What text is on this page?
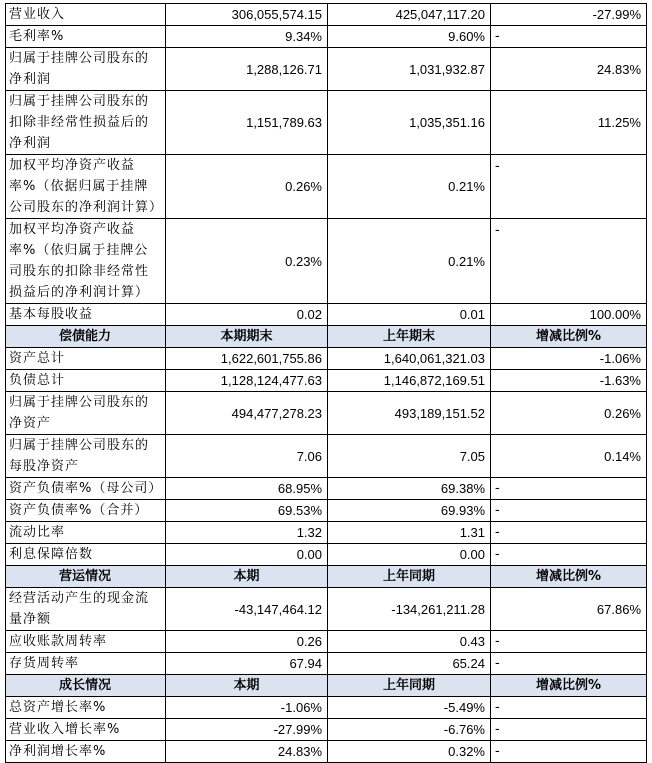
营业收入	306,055,574.15	425,047,117.20	-27.99%
毛利率%	9.34%	9.60%	-
归属于挂牌公司股东的净利润	1,288,126.71	1,031,932.87	24.83%
归属于挂牌公司股东的扣除非经常性损益后的净利润	1,151,789.63	1,035,351.16	11.25%
加权平均净资产收益率%（依据归属于挂牌公司股东的净利润计算）	0.26%	0.21%	-
加权平均净资产收益率%（依归属于挂牌公司股东的扣除非经常性损益后的净利润计算）	0.23%	0.21%	-
基本每股收益	0.02	0.01	100.00%
偿债能力	本期期末	上年期末	增减比例%
资产总计	1,622,601,755.86	1,640,061,321.03	-1.06%
负债总计	1,128,124,477.63	1,146,872,169.51	-1.63%
归属于挂牌公司股东的净资产	494,477,278.23	493,189,151.52	0.26%
归属于挂牌公司股东的每股净资产	7.06	7.05	0.14%
资产负债率%（母公司）	68.95%	69.38%	-
资产负债率%（合并）	69.53%	69.93%	-
流动比率	1.32	1.31	-
利息保障倍数	0.00	0.00	-
营运情况	本期	上年同期	增减比例%
经营活动产生的现金流量净额	-43,147,464.12	-134,261,211.28	67.86%
应收账款周转率	0.26	0.43	-
存货周转率	67.94	65.24	-
成长情况	本期	上年同期	增减比例%
总资产增长率%	-1.06%	-5.49%	-
营业收入增长率%	-27.99%	-6.76%	-
净利润增长率%	24.83%	0.32%	-
